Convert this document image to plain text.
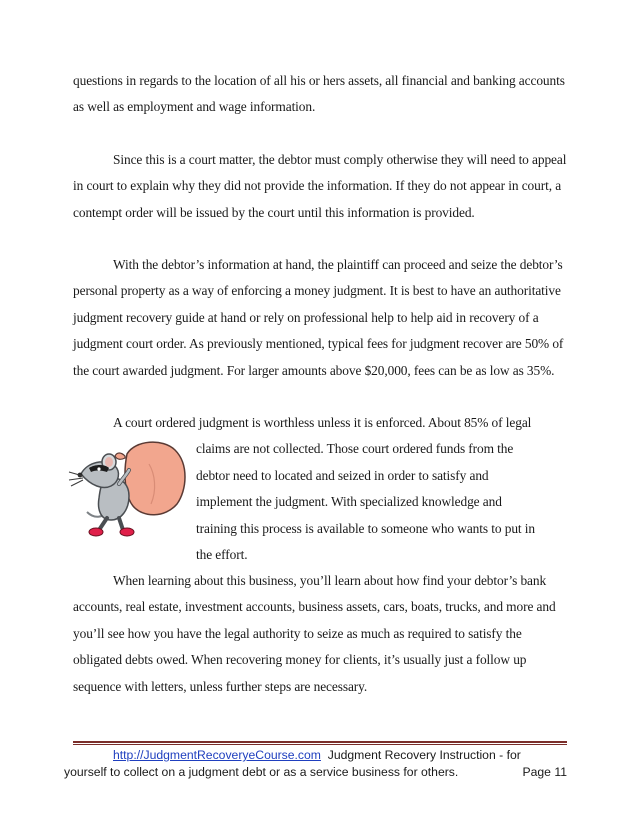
questions in regards to the location of all his or hers assets, all financial and banking accounts as well as employment and wage information.

Since this is a court matter, the debtor must comply otherwise they will need to appeal in court to explain why they did not provide the information. If they do not appear in court, a contempt order will be issued by the court until this information is provided.

With the debtor’s information at hand, the plaintiff can proceed and seize the debtor’s personal property as a way of enforcing a money judgment. It is best to have an authoritative judgment recovery guide at hand or rely on professional help to help aid in recovery of a judgment court order. As previously mentioned, typical fees for judgment recover are 50% of the court awarded judgment. For larger amounts above $20,000, fees can be as low as 35%.

A court ordered judgment is worthless unless it is enforced. About 85% of legal

claims are not collected. Those court ordered funds from the

debtor need to located and seized in order to satisfy and

implement the judgment. With specialized knowledge and

training this process is available to someone who wants to put in

the effort.

When learning about this business, you’ll learn about how find your debtor’s bank accounts, real estate, investment accounts, business assets, cars, boats, trucks, and more and you’ll see how you have the legal authority to seize as much as required to satisfy the obligated debts owed. When recovering money for clients, it’s usually just a follow up sequence with letters, unless further steps are necessary.

http://JudgmentRecoveryeCourse.com  Judgment Recovery Instruction - for
yourself to collect on a judgment debt or as a service business for others.	Page 11
